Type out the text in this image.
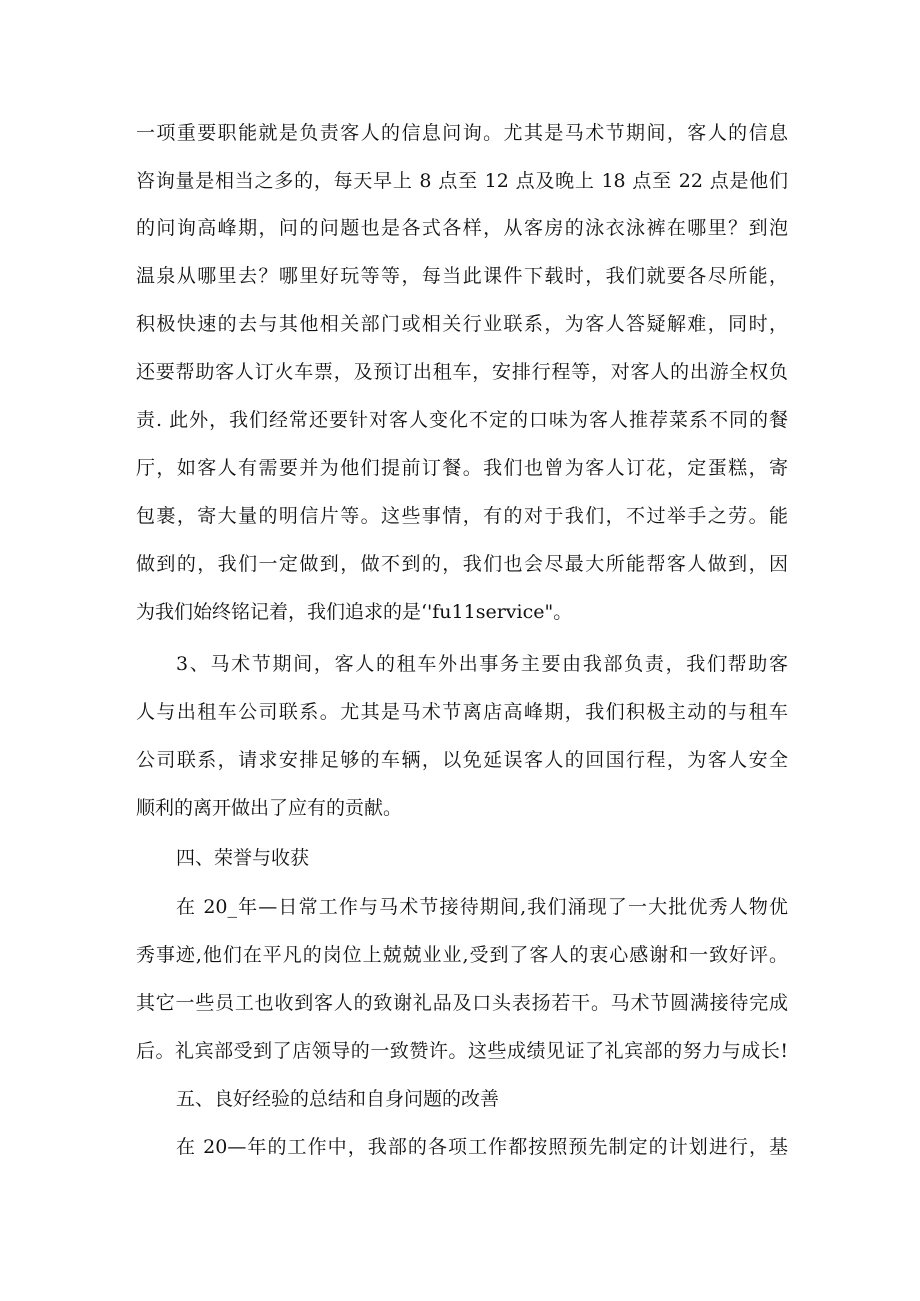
一项重要职能就是负责客人的信息问询。尤其是马术节期间，客人的信息

咨询量是相当之多的，每天早上 8 点至 12 点及晚上 18 点至 22 点是他们

的问询高峰期，问的问题也是各式各样，从客房的泳衣泳裤在哪里？到泡

温泉从哪里去？哪里好玩等等，每当此课件下载时，我们就要各尽所能，

积极快速的去与其他相关部门或相关行业联系，为客人答疑解难，同时，

还要帮助客人订火车票，及预订出租车，安排行程等，对客人的出游全权负

责. 此外，我们经常还要针对客人变化不定的口味为客人推荐菜系不同的餐

厅，如客人有需要并为他们提前订餐。我们也曾为客人订花，定蛋糕，寄

包裹，寄大量的明信片等。这些事情，有的对于我们，不过举手之劳。能

做到的，我们一定做到，做不到的，我们也会尽最大所能帮客人做到，因

为我们始终铭记着，我们追求的是‘'fu11service"。

3、马术节期间，客人的租车外出事务主要由我部负责，我们帮助客

人与出租车公司联系。尤其是马术节离店高峰期，我们积极主动的与租车

公司联系，请求安排足够的车辆，以免延误客人的回国行程，为客人安全

顺利的离开做出了应有的贡献。

四、荣誉与收获

在 20_年—日常工作与马术节接待期间,我们涌现了一大批优秀人物优

秀事迹,他们在平凡的岗位上兢兢业业,受到了客人的衷心感谢和一致好评。

其它一些员工也收到客人的致谢礼品及口头表扬若干。马术节圆满接待完成

后。礼宾部受到了店领导的一致赞许。这些成绩见证了礼宾部的努力与成长!

五、良好经验的总结和自身问题的改善

在 20—年的工作中，我部的各项工作都按照预先制定的计划进行，基
